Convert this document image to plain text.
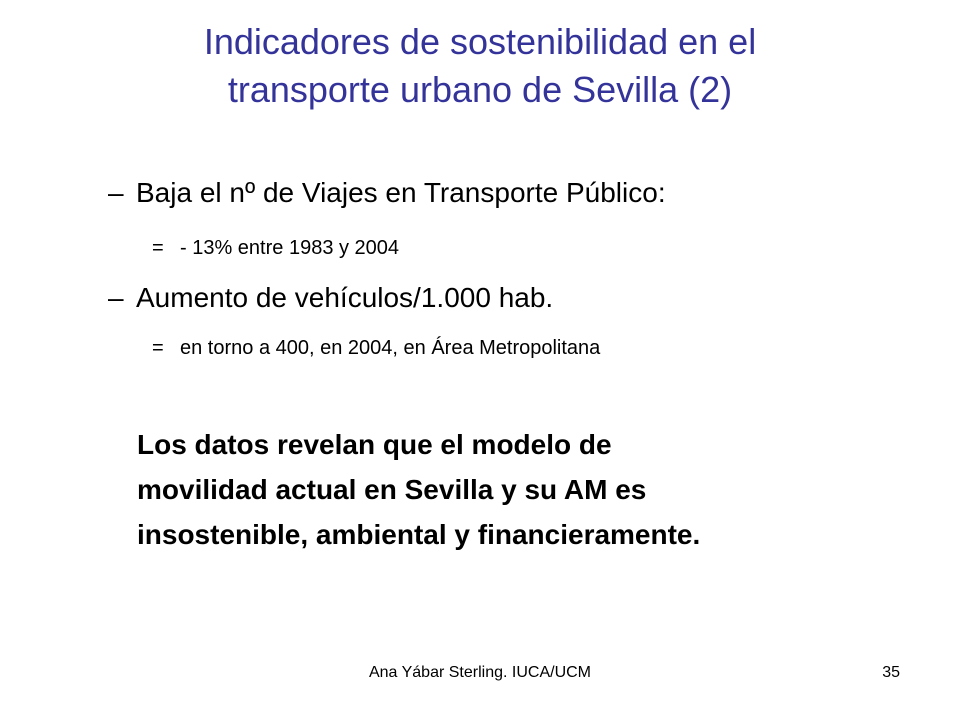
Indicadores de sostenibilidad en el
transporte urbano de Sevilla (2)
– Baja el nº de Viajes en Transporte Público:
= - 13% entre 1983 y 2004
– Aumento de vehículos/1.000 hab.
= en torno a 400, en 2004, en Área Metropolitana
Los datos revelan que el modelo de
movilidad actual en Sevilla y su AM es
insostenible, ambiental y financieramente.
Ana Yábar Sterling. IUCA/UCM	35
